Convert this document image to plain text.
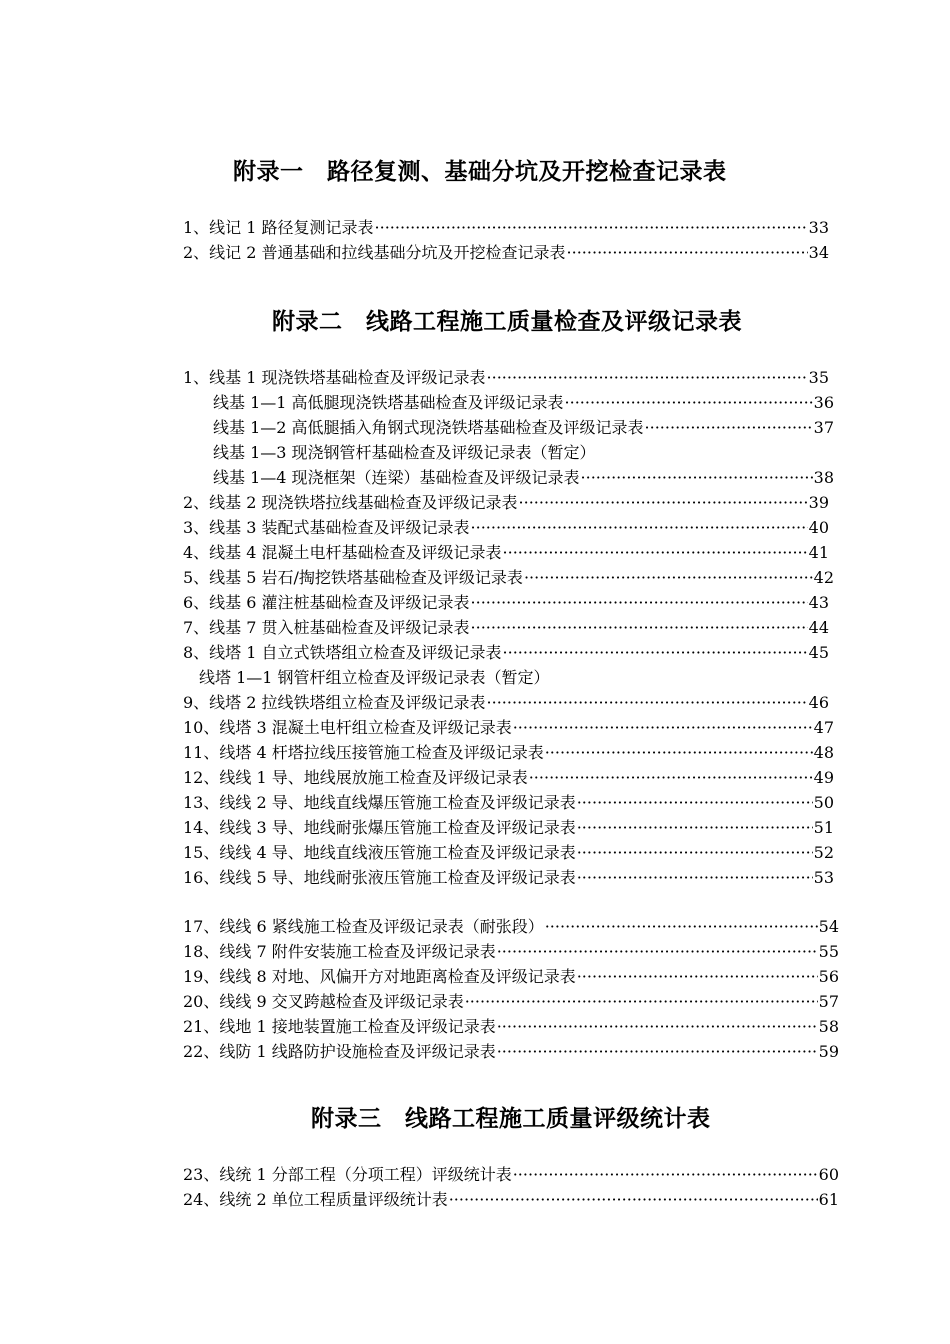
附录一　路径复测、基础分坑及开挖检查记录表
附录二　线路工程施工质量检查及评级记录表
附录三　线路工程施工质量评级统计表
1、线记 1 路径复测记录表 ·····	33
2、线记 2 普通基础和拉线基础分坑及开挖检查记录表 ·····	34
1、线基 1 现浇铁塔基础检查及评级记录表 ·····	35
线基 1—1 高低腿现浇铁塔基础检查及评级记录表 ·····	36
线基 1—2 高低腿插入角钢式现浇铁塔基础检查及评级记录表 ·····	37
线基 1—3 现浇钢管杆基础检查及评级记录表（暂定）
线基 1—4 现浇框架（连梁）基础检查及评级记录表 ·····	38
2、线基 2 现浇铁塔拉线基础检查及评级记录表 ·····	39
3、线基 3 装配式基础检查及评级记录表 ·····	40
4、线基 4 混凝土电杆基础检查及评级记录表 ·····	41
5、线基 5 岩石/掏挖铁塔基础检查及评级记录表 ·····	42
6、线基 6 灌注桩基础检查及评级记录表 ·····	43
7、线基 7 贯入桩基础检查及评级记录表 ·····	44
8、线塔 1 自立式铁塔组立检查及评级记录表 ·····	45
线塔 1—1 钢管杆组立检查及评级记录表（暂定）
9、线塔 2 拉线铁塔组立检查及评级记录表 ·····	46
10、线塔 3 混凝土电杆组立检查及评级记录表 ·····	47
11、线塔 4 杆塔拉线压接管施工检查及评级记录表 ·····	48
12、线线 1 导、地线展放施工检查及评级记录表 ·····	49
13、线线 2 导、地线直线爆压管施工检查及评级记录表 ·····	50
14、线线 3 导、地线耐张爆压管施工检查及评级记录表 ·····	51
15、线线 4 导、地线直线液压管施工检查及评级记录表 ·····	52
16、线线 5 导、地线耐张液压管施工检查及评级记录表 ·····	53
17、线线 6 紧线施工检查及评级记录表（耐张段） ·····	54
18、线线 7 附件安装施工检查及评级记录表 ·····	55
19、线线 8 对地、风偏开方对地距离检查及评级记录表 ·····	56
20、线线 9 交叉跨越检查及评级记录表 ·····	57
21、线地 1 接地装置施工检查及评级记录表 ·····	58
22、线防 1 线路防护设施检查及评级记录表 ·····	59
23、线统 1 分部工程（分项工程）评级统计表 ·····	60
24、线统 2 单位工程质量评级统计表 ·····	61
